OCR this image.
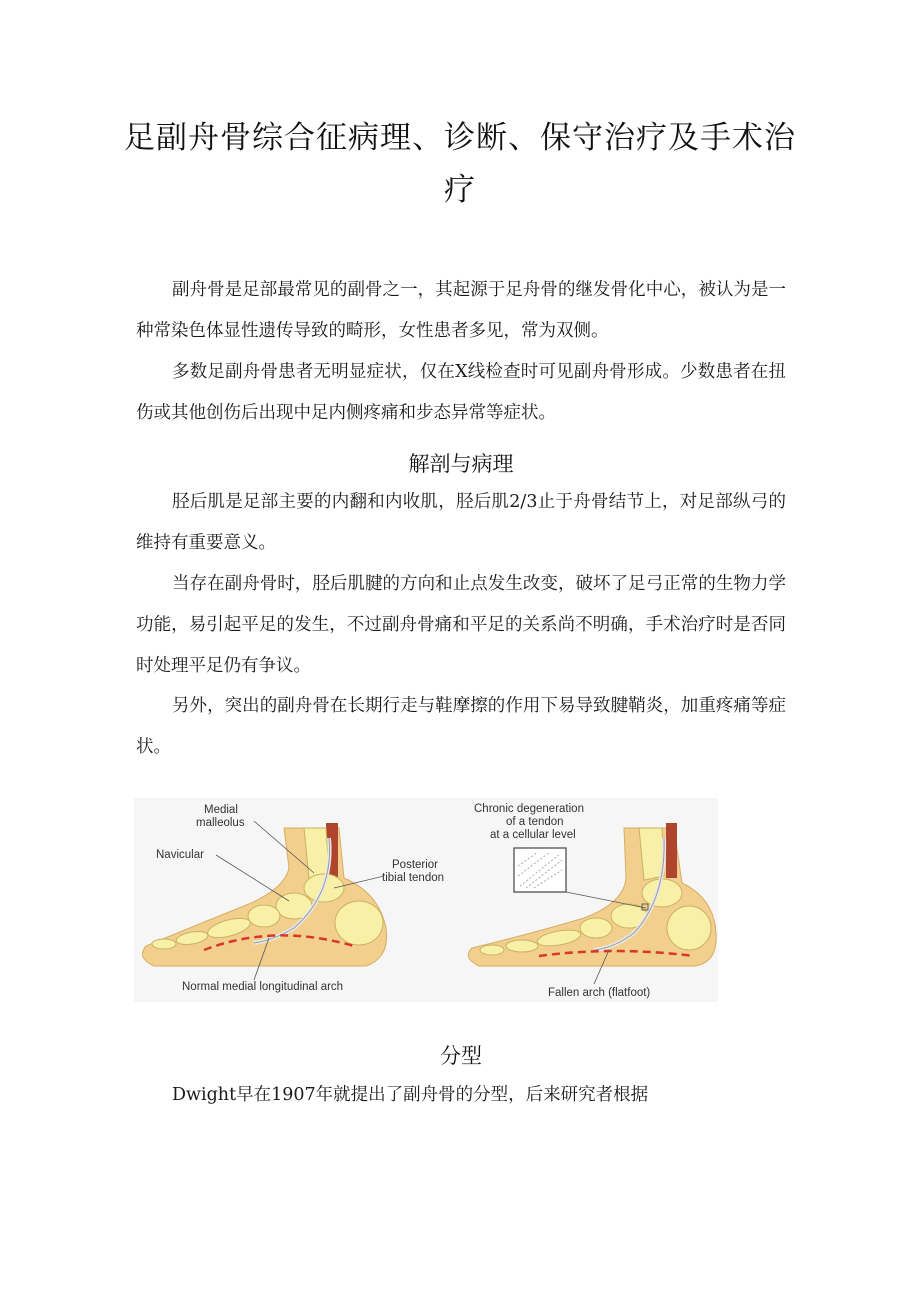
足副舟骨综合征病理、诊断、保守治疗及手术治疗

副舟骨是足部最常见的副骨之一，其起源于足舟骨的继发骨化中心，被认为是一种常染色体显性遗传导致的畸形，女性患者多见，常为双侧。

多数足副舟骨患者无明显症状，仅在X线检查时可见副舟骨形成。少数患者在扭伤或其他创伤后出现中足内侧疼痛和步态异常等症状。

解剖与病理

胫后肌是足部主要的内翻和内收肌，胫后肌2/3止于舟骨结节上，对足部纵弓的维持有重要意义。

当存在副舟骨时，胫后肌腱的方向和止点发生改变，破坏了足弓正常的生物力学功能，易引起平足的发生，不过副舟骨痛和平足的关系尚不明确，手术治疗时是否同时处理平足仍有争议。

另外，突出的副舟骨在长期行走与鞋摩擦的作用下易导致腱鞘炎，加重疼痛等症状。

Medial
malleolus
Navicular
Posterior
tibial tendon
Normal medial longitudinal arch
Chronic degeneration
of a tendon
at a cellular level
Fallen arch (flatfoot)
分型

Dwight早在1907年就提出了副舟骨的分型，后来研究者根据
